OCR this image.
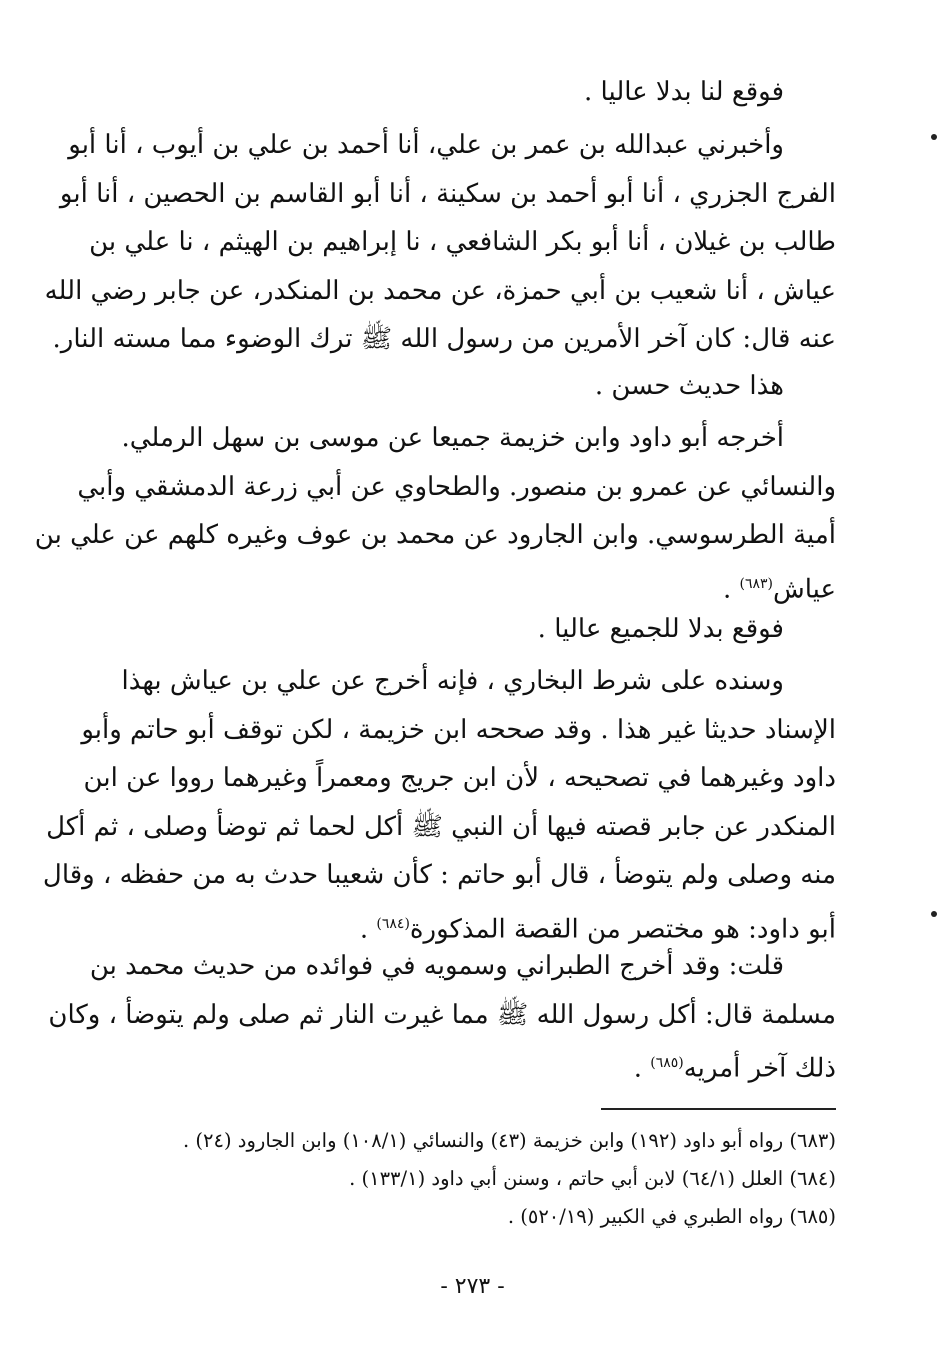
فوقع لنا بدلا عاليا .

وأخبرني عبدالله بن عمر بن علي، أنا أحمد بن علي بن أيوب ، أنا أبو
الفرج الجزري ، أنا أبو أحمد بن سكينة ، أنا أبو القاسم بن الحصين ، أنا أبو
طالب بن غيلان ، أنا أبو بكر الشافعي ، نا إبراهيم بن الهيثم ، نا علي بن
عياش ، أنا شعيب بن أبي حمزة، عن محمد بن المنكدر، عن جابر رضي الله
عنه قال: كان آخر الأمرين من رسول الله ﷺ ترك الوضوء مما مسته النار.

هذا حديث حسن .

أخرجه أبو داود وابن خزيمة جميعا عن موسى بن سهل الرملي.
والنسائي عن عمرو بن منصور. والطحاوي عن أبي زرعة الدمشقي وأبي
أمية الطرسوسي. وابن الجارود عن محمد بن عوف وغيره كلهم عن علي بن
عياش$^{(٦٨٣)}$ .

فوقع بدلا للجميع عاليا .

وسنده على شرط البخاري ، فإنه أخرج عن علي بن عياش بهذا
الإسناد حديثا غير هذا . وقد صححه ابن خزيمة ، لكن توقف أبو حاتم وأبو
داود وغيرهما في تصحيحه ، لأن ابن جريج ومعمراً وغيرهما رووا عن ابن
المنكدر عن جابر قصته فيها أن النبي ﷺ أكل لحما ثم توضأ وصلى ، ثم أكل
منه وصلى ولم يتوضأ ، قال أبو حاتم : كأن شعيبا حدث به من حفظه ، وقال
أبو داود: هو مختصر من القصة المذكورة$^{(٦٨٤)}$ .

قلت: وقد أخرج الطبراني وسمويه في فوائده من حديث محمد بن
مسلمة قال: أكل رسول الله ﷺ مما غيرت النار ثم صلى ولم يتوضأ ، وكان
ذلك آخر أمريه$^{(٦٨٥)}$ .

(٦٨٣) رواه أبو داود (١٩٢) وابن خزيمة (٤٣) والنسائي (١٠٨/١) وابن الجارود (٢٤) .
(٦٨٤) العلل (٦٤/١) لابن أبي حاتم ، وسنن أبي داود (١٣٣/١) .
(٦٨٥) رواه الطبري في الكبير (٥٢٠/١٩) .
- ٢٧٣ -
